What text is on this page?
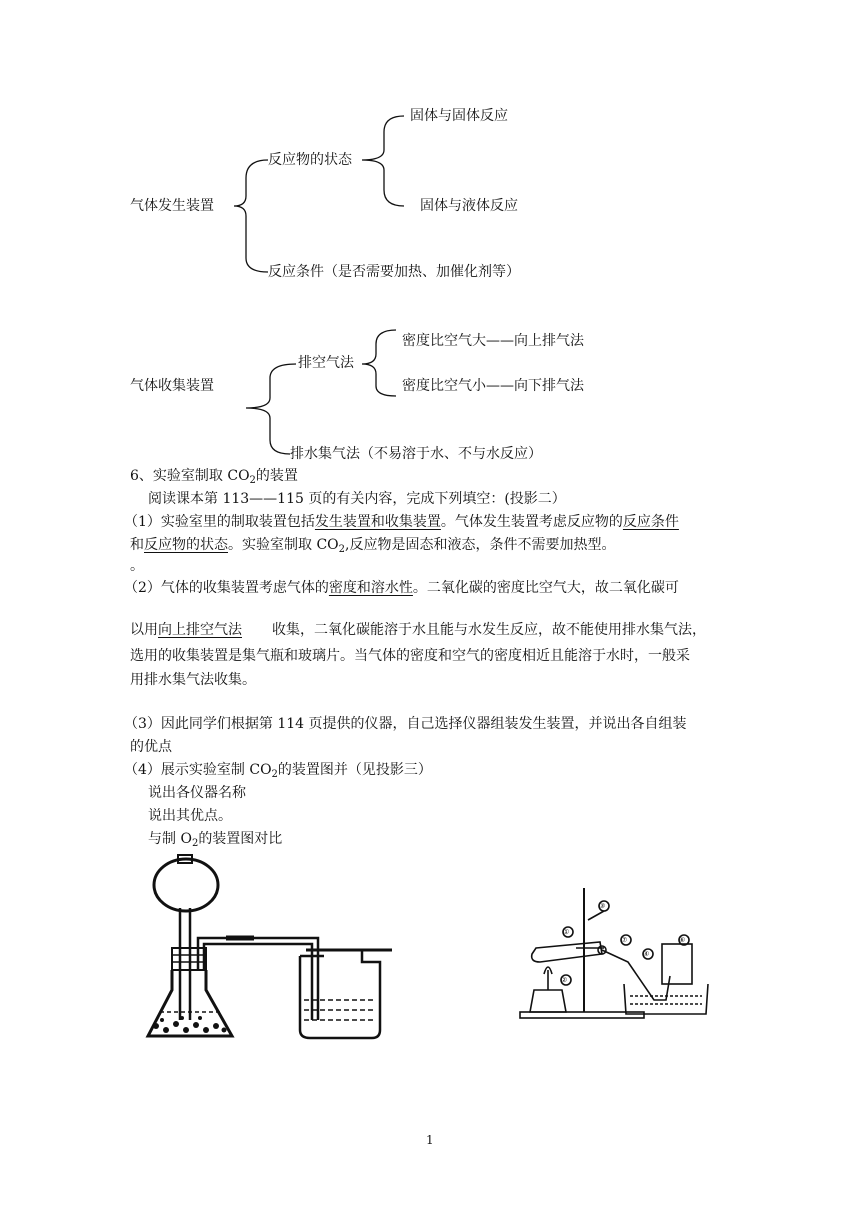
气体发生装置
反应物的状态
固体与固体反应
固体与液体反应
反应条件（是否需要加热、加催化剂等）
气体收集装置
排空气法
密度比空气大——向上排气法
密度比空气小——向下排气法
排水集气法（不易溶于水、不与水反应）
6、实验室制取 $CO_2$的装置
阅读课本第 113——115 页的有关内容，完成下列填空：(投影二）
（1）实验室里的制取装置包括发生装置和收集装置。气体发生装置考虑反应物的反应条件
和反应物的状态。实验室制取 $CO_2$,反应物是固态和液态，条件不需要加热型。
。
（2）气体的收集装置考虑气体的密度和溶水性。二氧化碳的密度比空气大，故二氧化碳可
以用向上排空气法 收集，二氧化碳能溶于水且能与水发生反应，故不能使用排水集气法，
选用的收集装置是集气瓶和玻璃片。当气体的密度和空气的密度相近且能溶于水时，一般采
用排水集气法收集。
（3）因此同学们根据第 114 页提供的仪器，自己选择仪器组装发生装置，并说出各自组装
的优点
（4）展示实验室制 $CO_2$的装置图并（见投影三）
说出各仪器名称
说出其优点。
与制 $O_2$的装置图对比
③
①
⑦
④
⑥
②
1
